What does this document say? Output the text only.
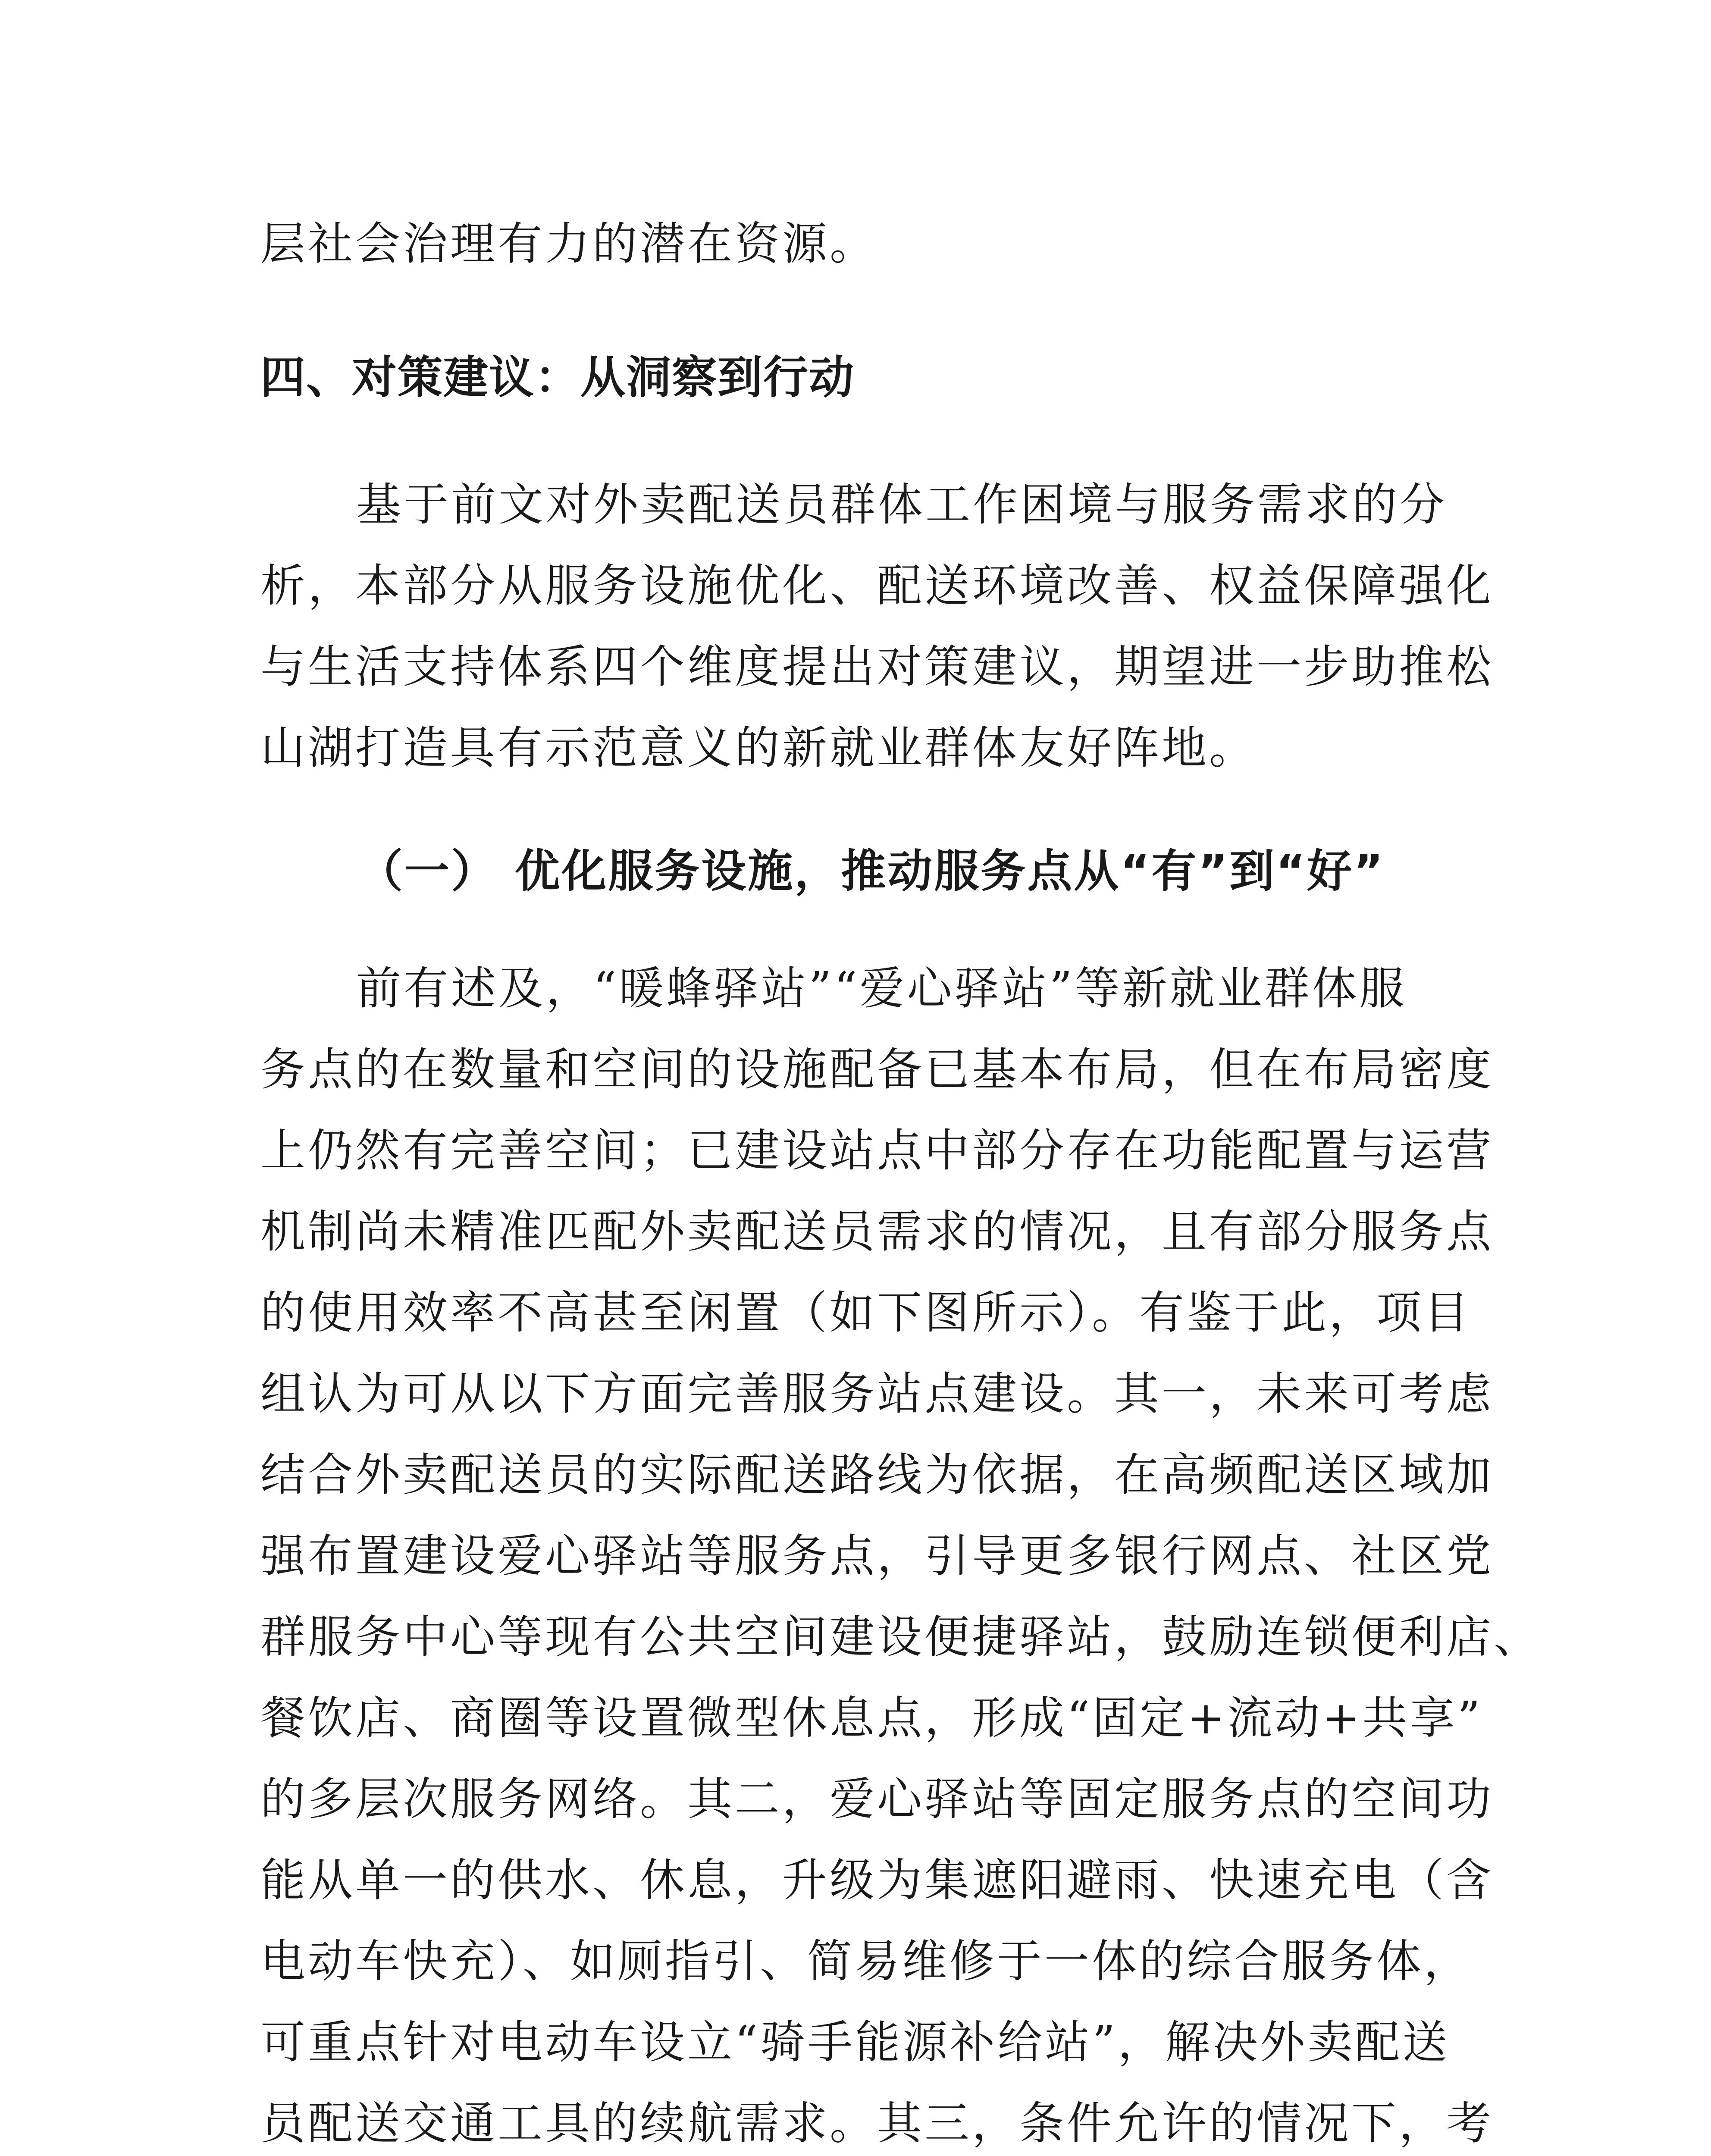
层社会治理有力的潜在资源。
四、对策建议：从洞察到行动
基于前文对外卖配送员群体工作困境与服务需求的分
析，本部分从服务设施优化、配送环境改善、权益保障强化
与生活支持体系四个维度提出对策建议，期望进一步助推松
山湖打造具有示范意义的新就业群体友好阵地。
（一） 优化服务设施，推动服务点从“有”到“好”
前有述及，“暖蜂驿站”“爱心驿站”等新就业群体服
务点的在数量和空间的设施配备已基本布局，但在布局密度
上仍然有完善空间；已建设站点中部分存在功能配置与运营
机制尚未精准匹配外卖配送员需求的情况，且有部分服务点
的使用效率不高甚至闲置（如下图所示）。有鉴于此，项目
组认为可从以下方面完善服务站点建设。其一，未来可考虑
结合外卖配送员的实际配送路线为依据，在高频配送区域加
强布置建设爱心驿站等服务点，引导更多银行网点、社区党
群服务中心等现有公共空间建设便捷驿站，鼓励连锁便利店、
餐饮店、商圈等设置微型休息点，形成“固定+流动+共享”
的多层次服务网络。其二，爱心驿站等固定服务点的空间功
能从单一的供水、休息，升级为集遮阳避雨、快速充电（含
电动车快充）、如厕指引、简易维修于一体的综合服务体，
可重点针对电动车设立“骑手能源补给站”，解决外卖配送
员配送交通工具的续航需求。其三，条件允许的情况下，考
